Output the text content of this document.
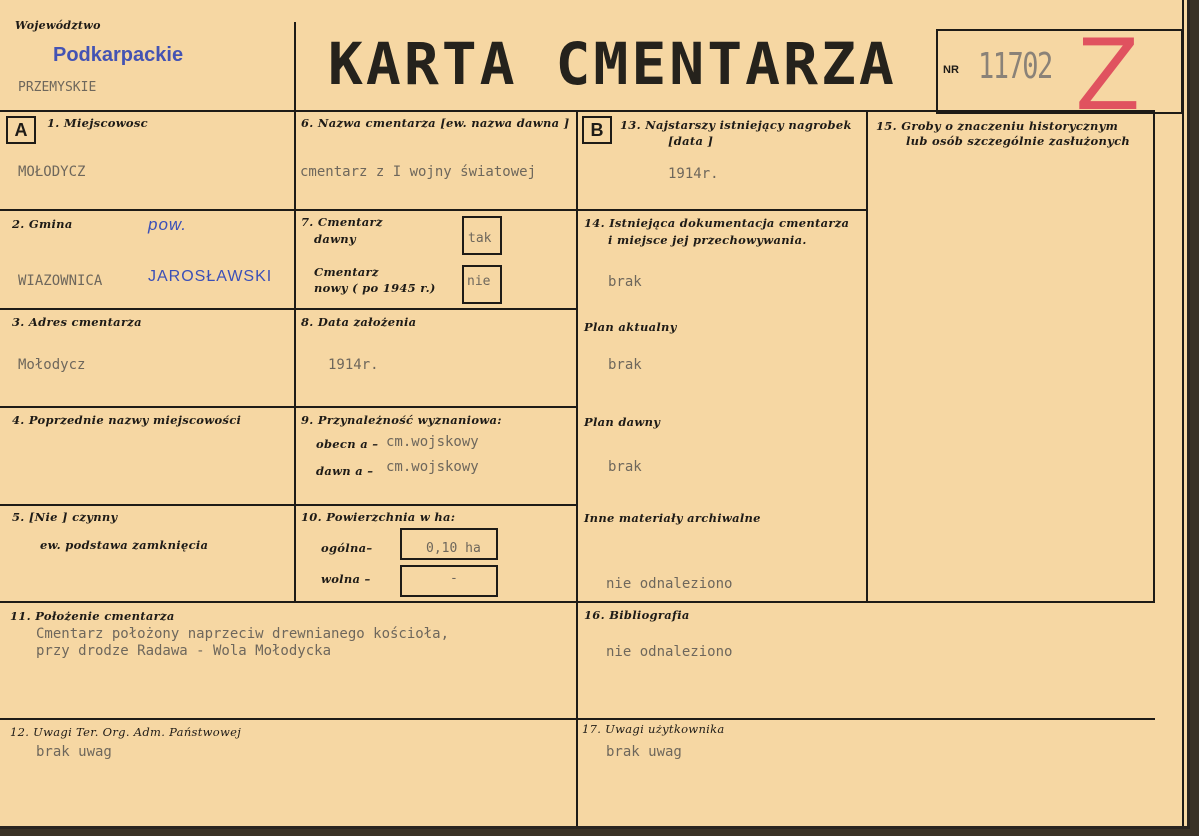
Województwo
Podkarpackie
PRZEMYSKIE	KARTA CMENTARZA	NR 11702 Z
A	B
1. Miejscowosc
MOŁODYCZ
2. Gmina	pow.
WIAZOWNICA	JAROSŁAWSKI
3. Adres cmentarza
Mołodycz
4. Poprzednie nazwy miejscowości
5. [Nie ] czynny
ew. podstawa zamknięcia
6. Nazwa cmentarza [ew. nazwa dawna ]
cmentarz z I wojny światowej
7. Cmentarz
dawny	tak
Cmentarz
nowy ( po 1945 r.) nie
8. Data założenia
1914r.
9. Przynależność wyznaniowa:
obecn a – cm.wojskowy
dawn a – cm.wojskowy
10. Powierzchnia w ha:
ogólna–	0,10 ha
wolna –	-
11. Położenie cmentarza
Cmentarz położony naprzeciw drewnianego kościoła,
przy drodze Radawa - Wola Mołodycka
12. Uwagi Ter. Org. Adm. Państwowej
brak uwag
13. Najstarszy istniejący nagrobek
[data ]
1914r.
14. Istniejąca dokumentacja cmentarza
i miejsce jej przechowywania.
brak
Plan aktualny
brak
Plan dawny
brak
Inne materiały archiwalne
nie odnaleziono
15. Groby o znaczeniu historycznym
lub osób szczególnie zasłużonych
16. Bibliografia
nie odnaleziono
17. Uwagi użytkownika
brak uwag
